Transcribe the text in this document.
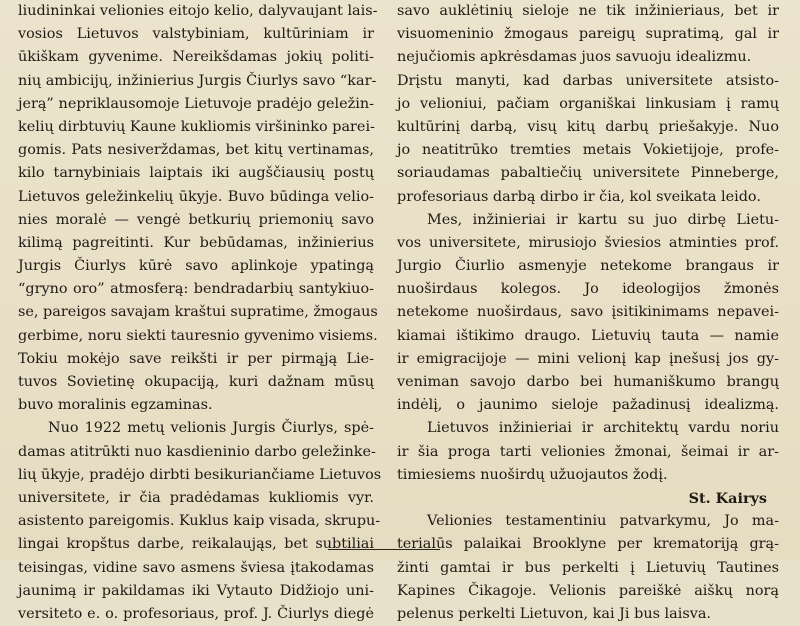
liudininkai velionies eitojo kelio, dalyvaujant lais-
vosios Lietuvos valstybiniam, kultūriniam ir
ūkiškam gyvenime. Nereikšdamas jokių politi-
nių ambicijų, inžinierius Jurgis Čiurlys savo “kar-
jerą” nepriklausomoje Lietuvoje pradėjo geležin-
kelių dirbtuvių Kaune kukliomis viršininko parei-
gomis. Pats nesiverždamas, bet kitų vertinamas,
kilo tarnybiniais laiptais iki augščiausių postų
Lietuvos geležinkelių ūkyje. Buvo būdinga velio-
nies moralė — vengė betkurių priemonių savo
kilimą pagreitinti. Kur bebūdamas, inžinierius
Jurgis Čiurlys kūrė savo aplinkoje ypatingą
“gryno oro” atmosferą: bendradarbių santykiuo-
se, pareigos savajam kraštui supratime, žmogaus
gerbime, noru siekti tauresnio gyvenimo visiems.
Tokiu mokėjo save reikšti ir per pirmąją Lie-
tuvos Sovietinę okupaciją, kuri dažnam mūsų
buvo moralinis egzaminas.
Nuo 1922 metų velionis Jurgis Čiurlys, spė-
damas atitrūkti nuo kasdieninio darbo geležinke-
lių ūkyje, pradėjo dirbti besikuriančiame Lietuvos
universitete, ir čia pradėdamas kukliomis vyr.
asistento pareigomis. Kuklus kaip visada, skrupu-
lingai kropštus darbe, reikalaująs, bet subtiliai
teisingas, vidine savo asmens šviesa įtakodamas
jaunimą ir pakildamas iki Vytauto Didžiojo uni-
versiteto e. o. profesoriaus, prof. J. Čiurlys diegė
savo auklėtinių sieloje ne tik inžinieriaus, bet ir
visuomeninio žmogaus pareigų supratimą, gal ir
nejučiomis apkrėsdamas juos savuoju idealizmu.
Drįstu manyti, kad darbas universitete atsisto-
jo velioniui, pačiam organiškai linkusiam į ramų
kultūrinį darbą, visų kitų darbų priešakyje. Nuo
jo neatitrūko tremties metais Vokietijoje, profe-
soriaudamas pabaltiečių universitete Pinneberge,
profesoriaus darbą dirbo ir čia, kol sveikata leido.
Mes, inžinieriai ir kartu su juo dirbę Lietu-
vos universitete, mirusiojo šviesios atminties prof.
Jurgio Čiurlio asmenyje netekome brangaus ir
nuoširdaus kolegos. Jo ideologijos žmonės
netekome nuoširdaus, savo įsitikinimams nepavei-
kiamai ištikimo draugo. Lietuvių tauta — namie
ir emigracijoje — mini velionį kap įnešusį jos gy-
veniman savojo darbo bei humaniškumo brangų
indėlį, o jaunimo sieloje pažadinusį idealizmą.
Lietuvos inžinieriai ir architektų vardu noriu
ir šia proga tarti velionies žmonai, šeimai ir ar-
timiesiems nuoširdų užuojautos žodį.
St. Kairys
Velionies testamentiniu patvarkymu, Jo ma-
terialūs palaikai Brooklyne per krematoriją grą-
žinti gamtai ir bus perkelti į Lietuvių Tautines
Kapines Čikagoje. Velionis pareiškė aiškų norą
pelenus perkelti Lietuvon, kai Ji bus laisva.
